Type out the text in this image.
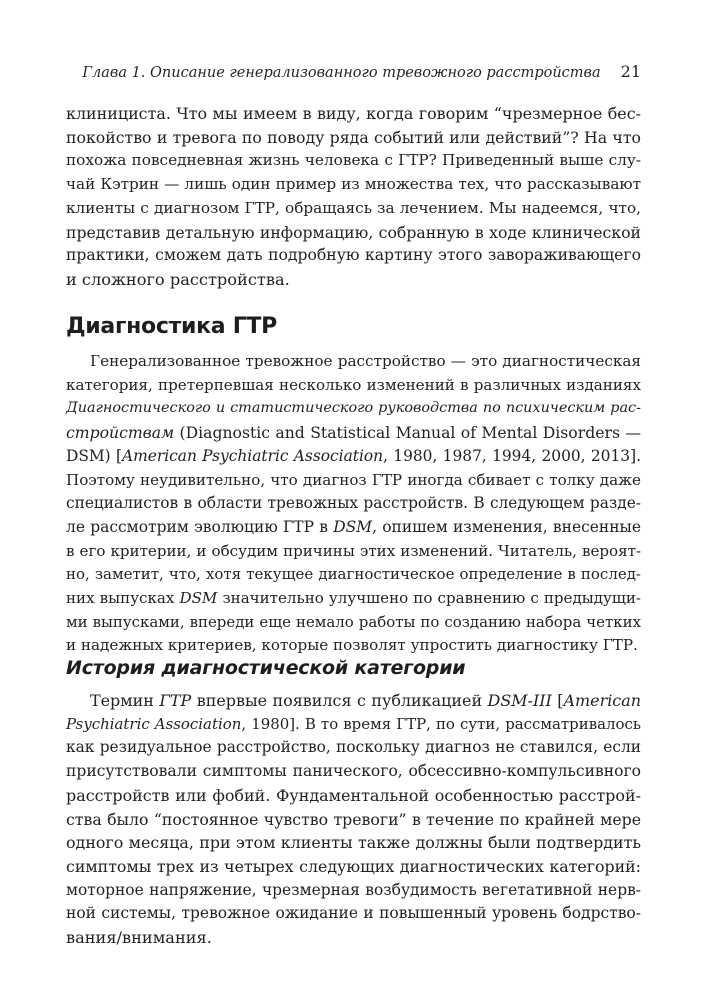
Глава 1. Описание генерализованного тревожного расстройства 21
клинициста. Что мы имеем в виду, когда говорим “чрезмерное бес-
покойство и тревога по поводу ряда событий или действий”? На что
похожа повседневная жизнь человека с ГТР? Приведенный выше слу-
чай Кэтрин — лишь один пример из множества тех, что рассказывают
клиенты с диагнозом ГТР, обращаясь за лечением. Мы надеемся, что,
представив детальную информацию, собранную в ходе клинической
практики, сможем дать подробную картину этого завораживающего
и сложного расстройства.
Диагностика ГТР
Генерализованное тревожное расстройство — это диагностическая
категория, претерпевшая несколько изменений в различных изданиях
Диагностического и статистического руководства по психическим рас-
стройствам (Diagnostic and Statistical Manual of Mental Disorders —
DSM) [American Psychiatric Association, 1980, 1987, 1994, 2000, 2013].
Поэтому неудивительно, что диагноз ГТР иногда сбивает с толку даже
специалистов в области тревожных расстройств. В следующем разде-
ле рассмотрим эволюцию ГТР в DSM, опишем изменения, внесенные
в его критерии, и обсудим причины этих изменений. Читатель, вероят-
но, заметит, что, хотя текущее диагностическое определение в послед-
них выпусках DSM значительно улучшено по сравнению с предыдущи-
ми выпусками, впереди еще немало работы по созданию набора четких
и надежных критериев, которые позволят упростить диагностику ГТР.
История диагностической категории
Термин ГТР впервые появился с публикацией DSM-III [American
Psychiatric Association, 1980]. В то время ГТР, по сути, рассматривалось
как резидуальное расстройство, поскольку диагноз не ставился, если
присутствовали симптомы панического, обсессивно-компульсивного
расстройств или фобий. Фундаментальной особенностью расстрой-
ства было “постоянное чувство тревоги” в течение по крайней мере
одного месяца, при этом клиенты также должны были подтвердить
симптомы трех из четырех следующих диагностических категорий:
моторное напряжение, чрезмерная возбудимость вегетативной нерв-
ной системы, тревожное ожидание и повышенный уровень бодрство-
вания/внимания.
